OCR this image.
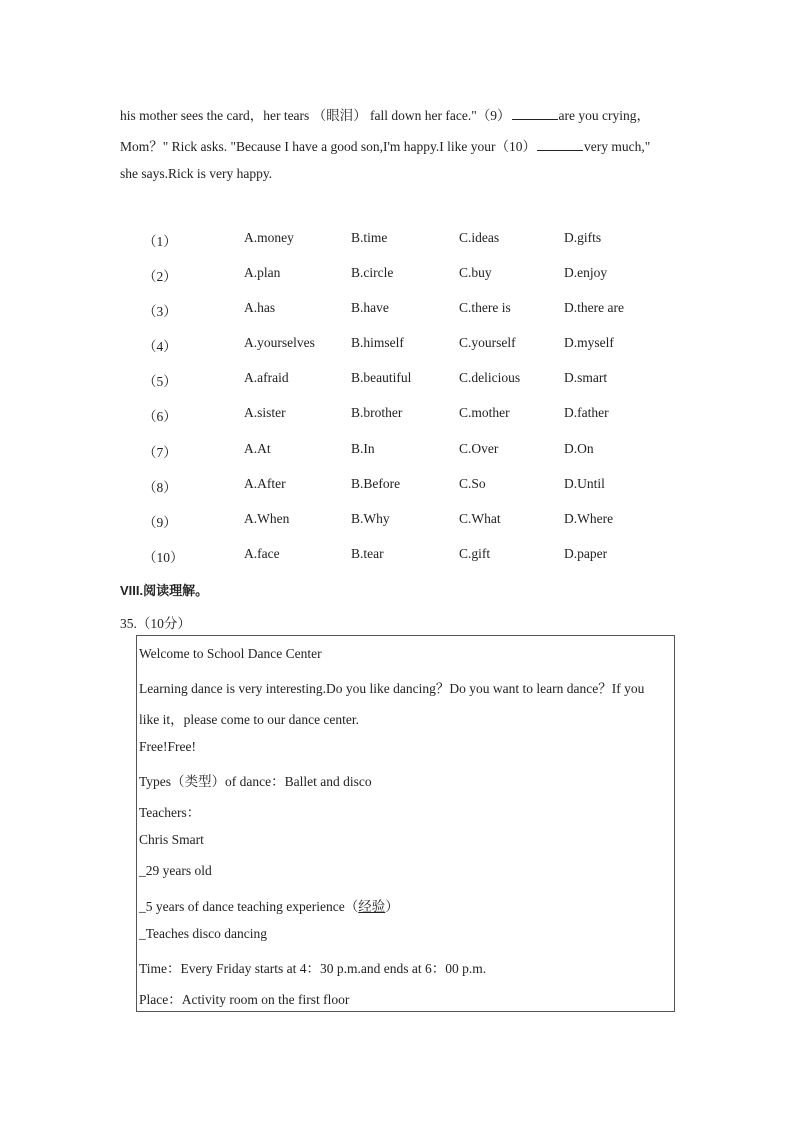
his mother sees the card，her tears （眼泪） fall down her face."（9）	are you crying，
Mom？" Rick asks. "Because I have a good son,I'm happy.I like your（10）	very much,"
she says.Rick is very happy.
（1）	A.money	B.time	C.ideas	D.gifts
（2）	A.plan	B.circle	C.buy	D.enjoy
（3）	A.has	B.have	C.there is	D.there are
（4）	A.yourselves	B.himself	C.yourself	D.myself
（5）	A.afraid	B.beautiful	C.delicious	D.smart
（6）	A.sister	B.brother	C.mother	D.father
（7）	A.At	B.In	C.Over	D.On
（8）	A.After	B.Before	C.So	D.Until
（9）	A.When	B.Why	C.What	D.Where
（10）	A.face	B.tear	C.gift	D.paper
VIII.阅读理解。
35.（10分）
Welcome to School Dance Center
Learning dance is very interesting.Do you like dancing？Do you want to learn dance？If you
like it，please come to our dance center.
Free!Free!
Types（类型）of dance：Ballet and disco
Teachers：
Chris Smart
_29 years old
_5 years of dance teaching experience（经验）
_Teaches disco dancing
Time：Every Friday starts at 4：30 p.m.and ends at 6：00 p.m.
Place：Activity room on the first floor
